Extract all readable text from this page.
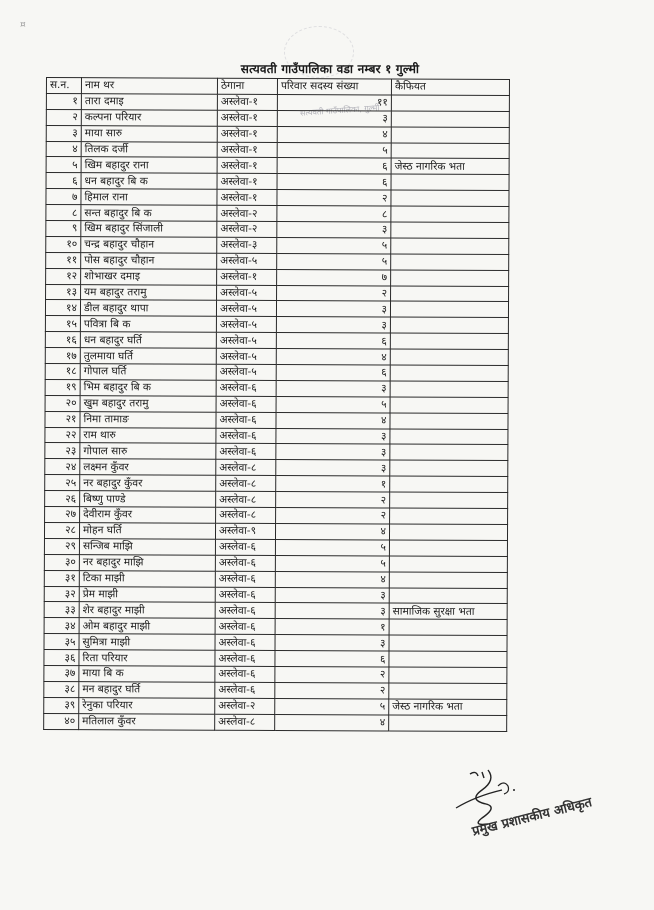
¤
सत्यवती गाउँपालिका, गुल्मी
सत्यवती गाउँपालिका वडा नम्बर १ गुल्मी
स.न.	नाम थर	ठेगाना	परिवार सदस्य संख्या	कैफियत
१	तारा दमाइ	अस्लेवा-१	११	
२	कल्पना परियार	अस्लेवा-१	३	
३	माया सारु	अस्लेवा-१	४	
४	तिलक दर्जी	अस्लेवा-१	५	
५	खिम बहादुर राना	अस्लेवा-१	६	जेस्ठ नागरिक भता
६	धन बहादुर बि क	अस्लेवा-१	६	
७	हिमाल राना	अस्लेवा-१	२	
८	सन्त बहादुर बि क	अस्लेवा-२	८	
९	खिम बहादुर सिंजाली	अस्लेवा-२	३	
१०	चन्द्र बहादुर चौहान	अस्लेवा-३	५	
११	पोस बहादुर चौहान	अस्लेवा-५	५	
१२	शोभाखर दमाइ	अस्लेवा-१	७	
१३	यम बहादुर तरामु	अस्लेवा-५	२	
१४	डील बहादुर थापा	अस्लेवा-५	३	
१५	पवित्रा बि क	अस्लेवा-५	३	
१६	धन बहादुर घर्ति	अस्लेवा-५	६	
१७	तुलमाया घर्ति	अस्लेवा-५	४	
१८	गोपाल घर्ति	अस्लेवा-५	६	
१९	भिम बहादुर बि क	अस्लेवा-६	३	
२०	खुम बहादुर तरामु	अस्लेवा-६	५	
२१	निमा तामाङ	अस्लेवा-६	४	
२२	राम थारु	अस्लेवा-६	३	
२३	गोपाल सारु	अस्लेवा-६	३	
२४	लक्ष्मन कुँवर	अस्लेवा-८	३	
२५	नर बहादुर कुँवर	अस्लेवा-८	१	
२६	बिष्णु पाण्डे	अस्लेवा-८	२	
२७	देवीराम कुँवर	अस्लेवा-८	२	
२८	मोहन घर्ति	अस्लेवा-९	४	
२९	सन्जिब माझि	अस्लेवा-६	५	
३०	नर बहादुर माझि	अस्लेवा-६	५	
३१	टिका माझी	अस्लेवा-६	४	
३२	प्रेम माझी	अस्लेवा-६	३	
३३	शेर बहादुर माझी	अस्लेवा-६	३	सामाजिक सुरक्षा भता
३४	ओम बहादुर माझी	अस्लेवा-६	१	
३५	सुमित्रा माझी	अस्लेवा-६	३	
३६	रिता परियार	अस्लेवा-६	६	
३७	माया बि क	अस्लेवा-६	२	
३८	मन बहादुर घर्ति	अस्लेवा-६	२	
३९	रेनुका परियार	अस्लेवा-२	५	जेस्ठ नागरिक भता
४०	मतिलाल कुँवर	अस्लेवा-८	४	
प्रमुख प्रशासकीय अधिकृत
